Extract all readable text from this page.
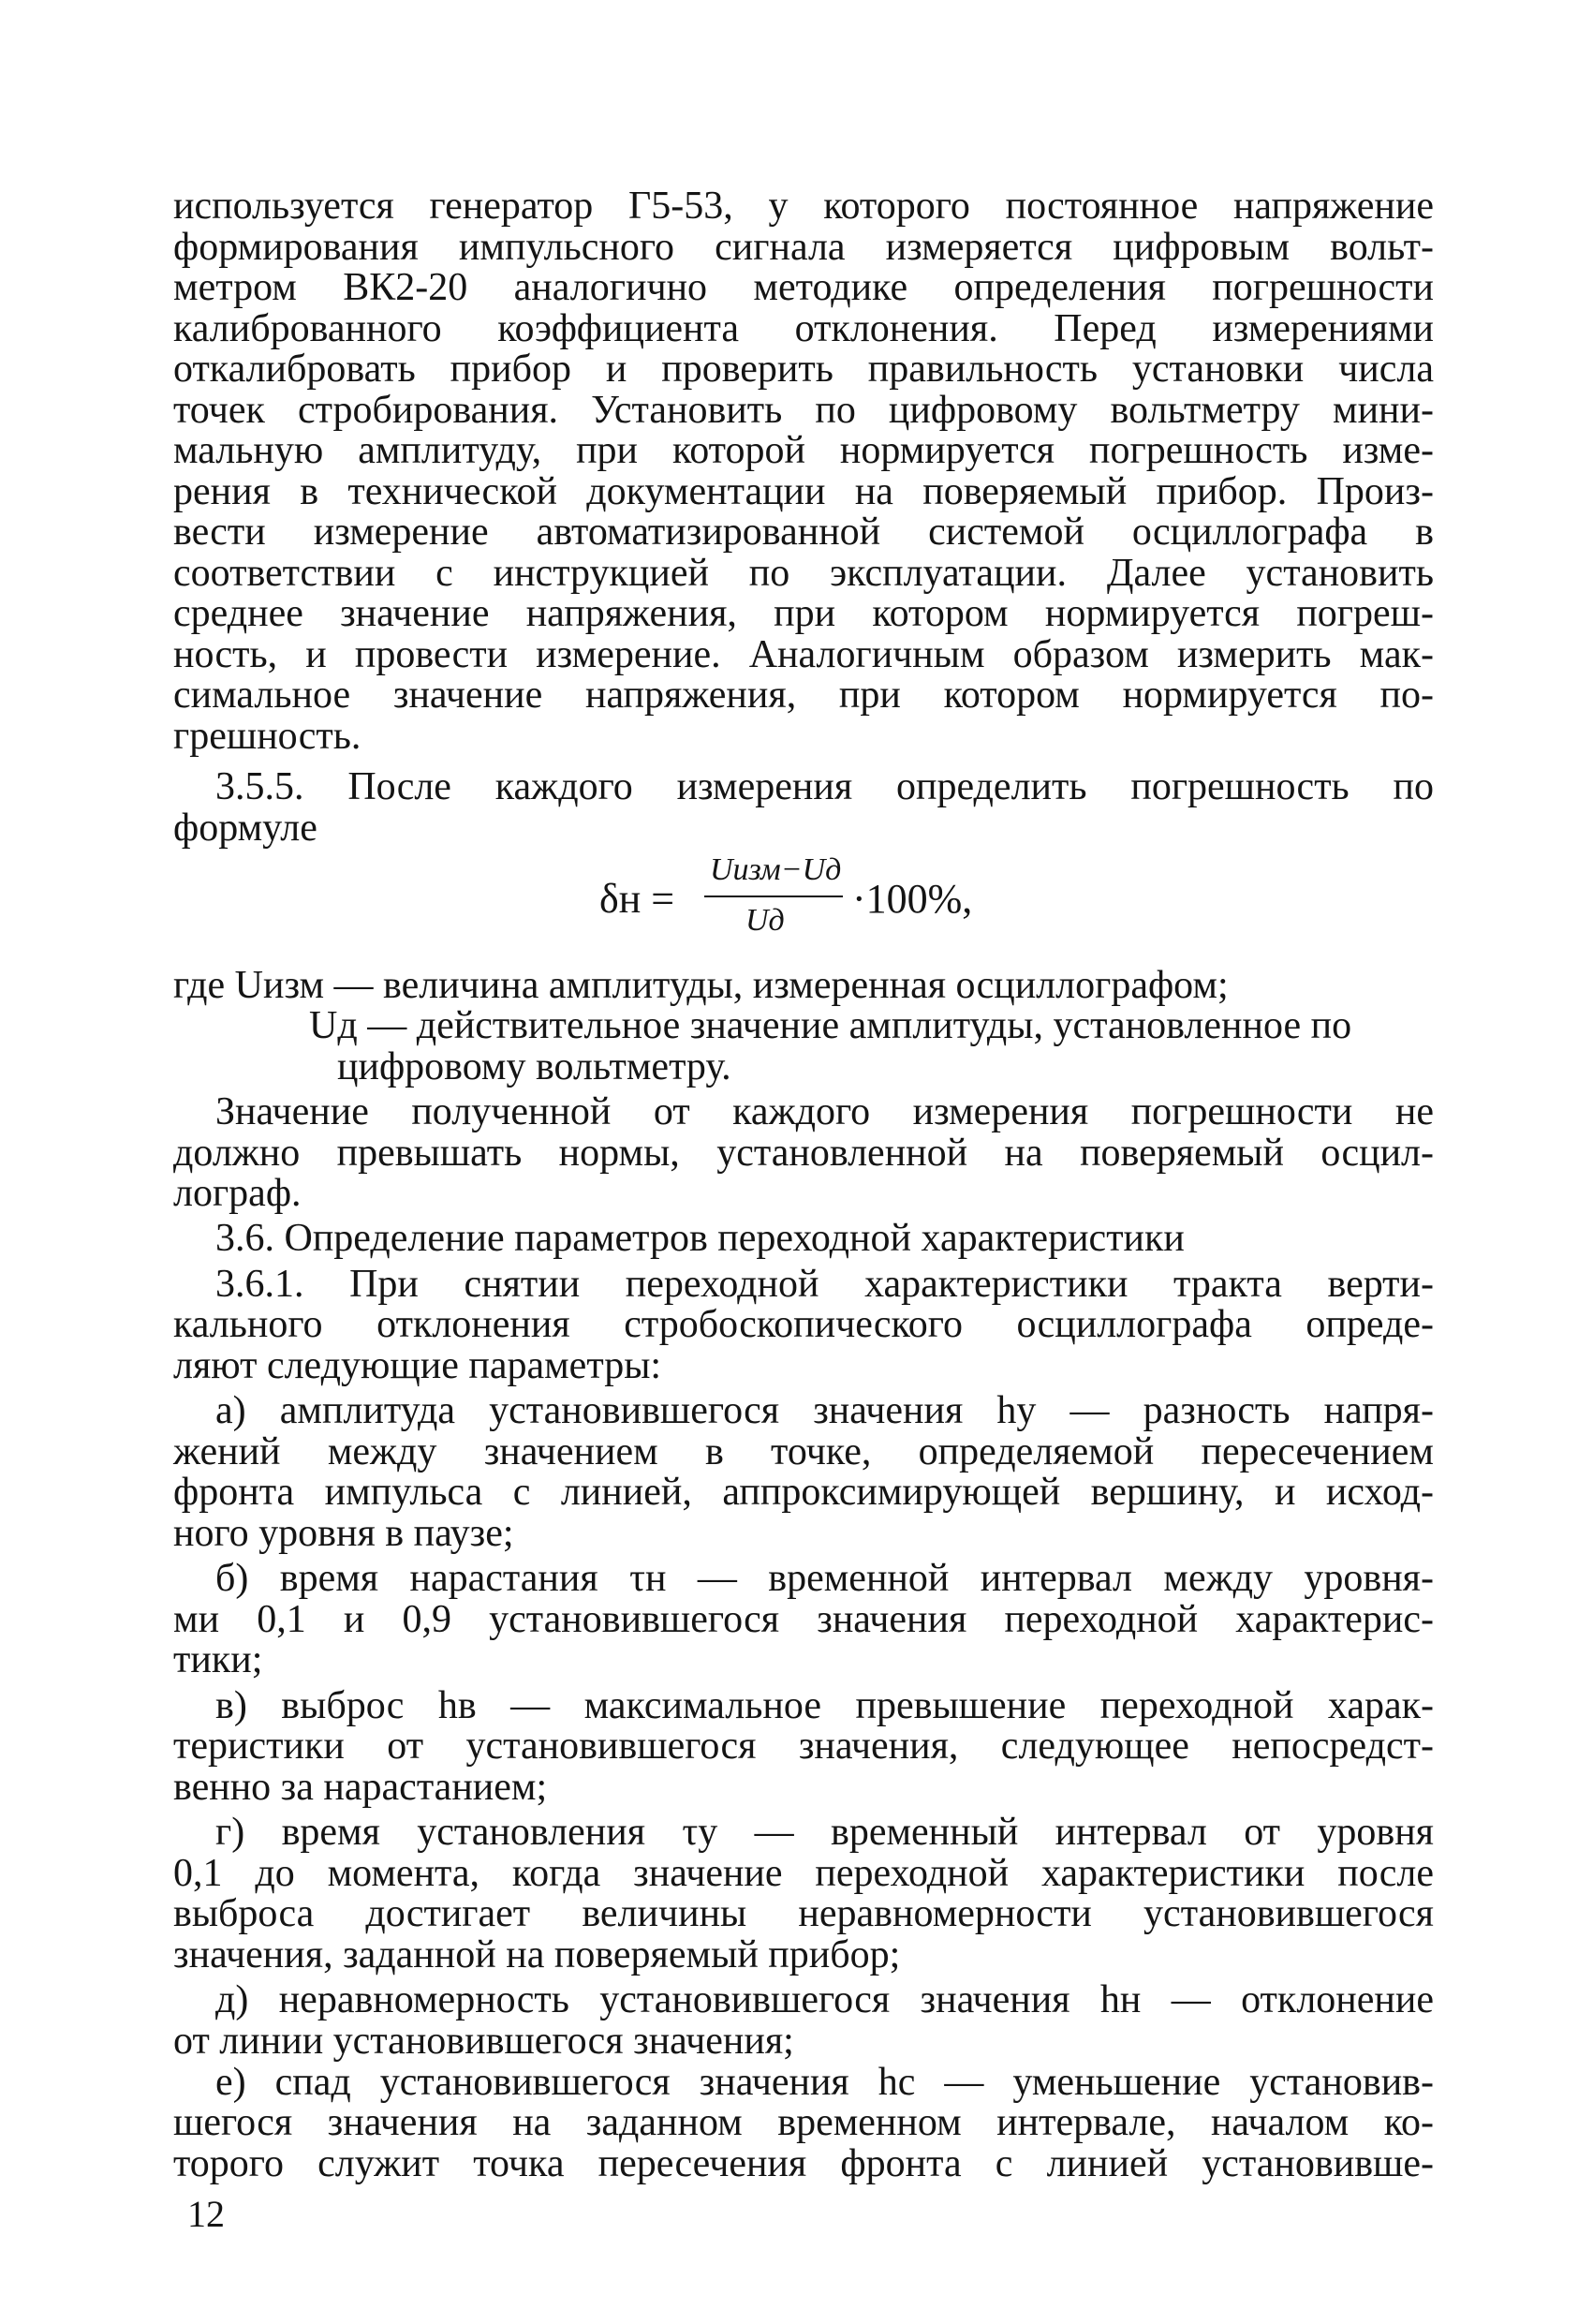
используется генератор Г5-53, у которого постоянное напряжение
формирования импульсного сигнала измеряется цифровым вольт-
метром ВК2-20 аналогично методике определения погрешности
калиброванного коэффициента отклонения. Перед измерениями
откалибровать прибор и проверить правильность установки числа
точек стробирования. Установить по цифровому вольтметру мини-
мальную амплитуду, при которой нормируется погрешность изме-
рения в технической документации на поверяемый прибор. Произ-
вести измерение автоматизированной системой осциллографа в
соответствии с инструкцией по эксплуатации. Далее установить
среднее значение напряжения, при котором нормируется погреш-
ность, и провести измерение. Аналогичным образом измерить мак-
симальное значение напряжения, при котором нормируется по-
грешность.
3.5.5. После каждого измерения определить погрешность по
формуле
δн =
Uизм−Uд
Uд ·100%,
где Uизм — величина амплитуды, измеренная осциллографом;
Uд — действительное значение амплитуды, установленное по
цифровому вольтметру.
Значение полученной от каждого измерения погрешности не
должно превышать нормы, установленной на поверяемый осцил-
лограф.
3.6. Определение параметров переходной характеристики
3.6.1. При снятии переходной характеристики тракта верти-
кального отклонения стробоскопического осциллографа опреде-
ляют следующие параметры:
а) амплитуда установившегося значения hу — разность напря-
жений между значением в точке, определяемой пересечением
фронта импульса с линией, аппроксимирующей вершину, и исход-
ного уровня в паузе;
б) время нарастания τн — временной интервал между уровня-
ми 0,1 и 0,9 установившегося значения переходной характерис-
тики;
в) выброс hв — максимальное превышение переходной харак-
теристики от установившегося значения, следующее непосредст-
венно за нарастанием;
г) время установления τу — временный интервал от уровня
0,1 до момента, когда значение переходной характеристики после
выброса достигает величины неравномерности установившегося
значения, заданной на поверяемый прибор;
д) неравномерность установившегося значения hн — отклонение
от линии установившегося значения;
е) спад установившегося значения hс — уменьшение установив-
шегося значения на заданном временном интервале, началом ко-
торого служит точка пересечения фронта с линией установивше-
12
